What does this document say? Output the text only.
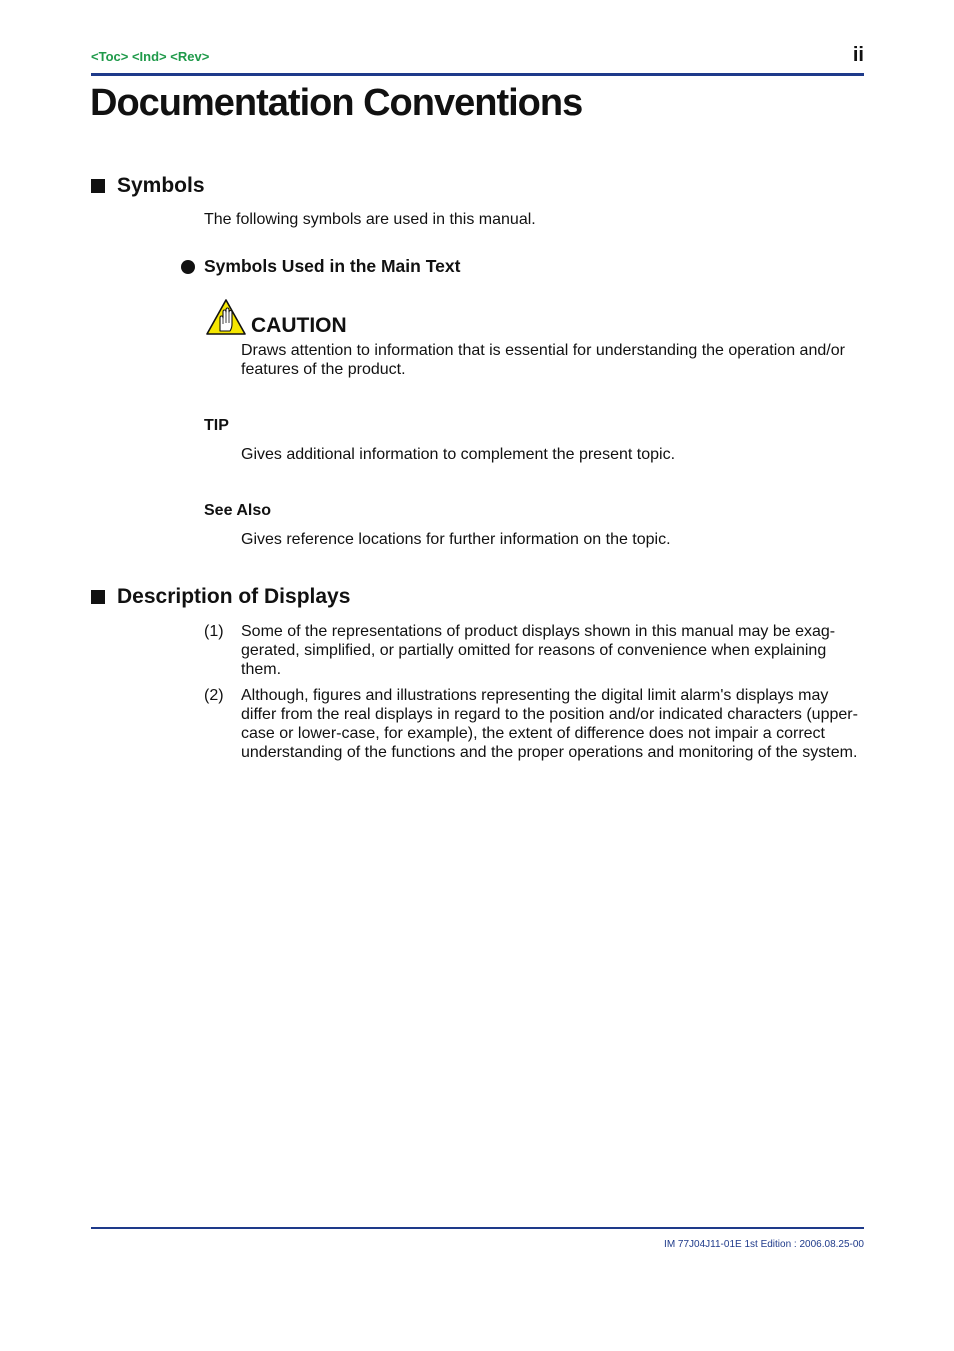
<Toc> <Ind> <Rev>	ii
Documentation Conventions
Symbols

The following symbols are used in this manual.

Symbols Used in the Main Text
CAUTION

Draws attention to information that is essential for understanding the operation and/or features of the product.

TIP

Gives additional information to complement the present topic.

See Also

Gives reference locations for further information on the topic.

Description of Displays
(1) Some of the representations of product displays shown in this manual may be exag-gerated, simplified, or partially omitted for reasons of convenience when explaining them.
(2) Although, figures and illustrations representing the digital limit alarm's displays may differ from the real displays in regard to the position and/or indicated characters (upper-case or lower-case, for example), the extent of difference does not impair a correct understanding of the functions and the proper operations and monitoring of the system.
IM 77J04J11-01E 1st Edition : 2006.08.25-00
